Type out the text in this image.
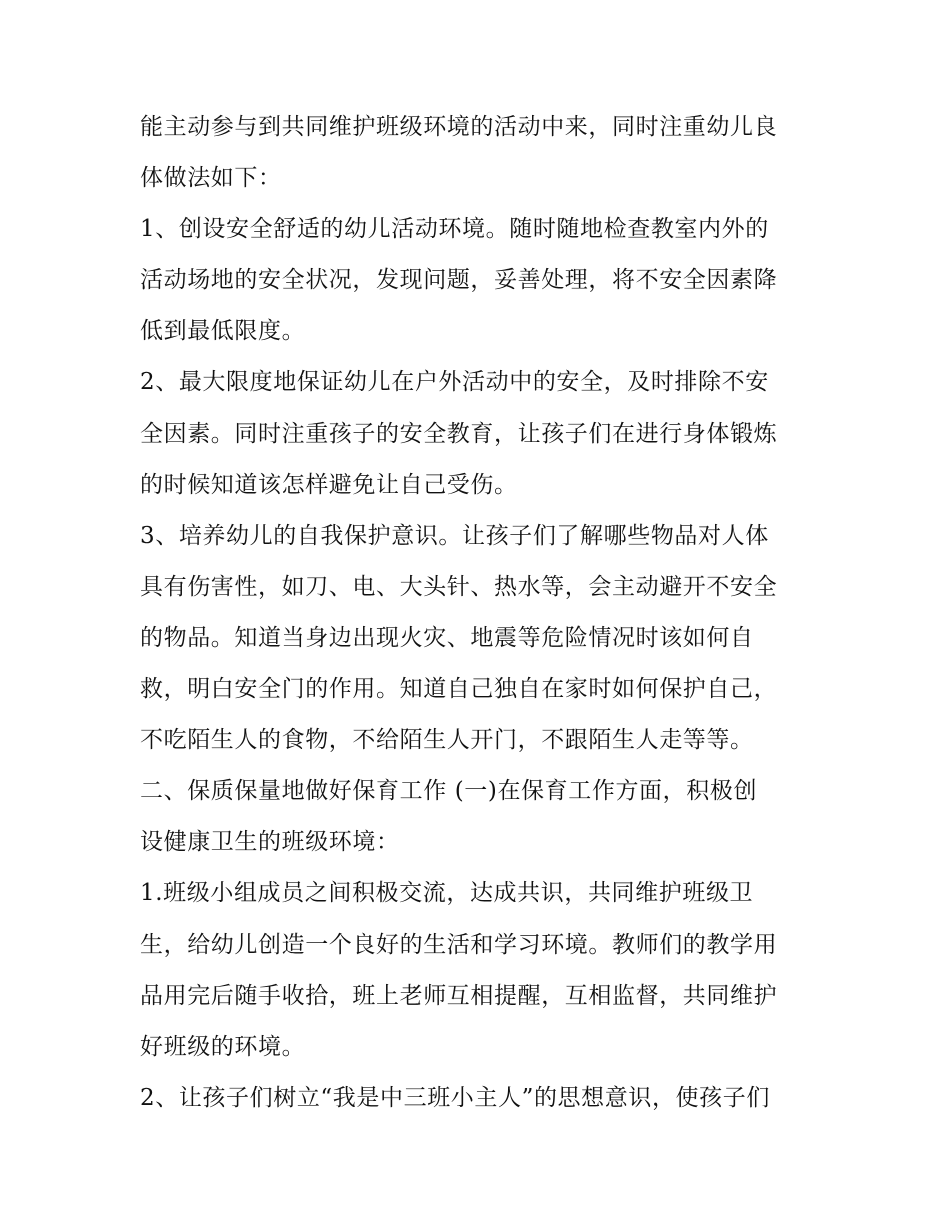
能主动参与到共同维护班级环境的活动中来，同时注重幼儿良
体做法如下：
1、创设安全舒适的幼儿活动环境。随时随地检查教室内外的
活动场地的安全状况，发现问题，妥善处理，将不安全因素降
低到最低限度。
2、最大限度地保证幼儿在户外活动中的安全，及时排除不安
全因素。同时注重孩子的安全教育，让孩子们在进行身体锻炼
的时候知道该怎样避免让自己受伤。
3、培养幼儿的自我保护意识。让孩子们了解哪些物品对人体
具有伤害性，如刀、电、大头针、热水等，会主动避开不安全
的物品。知道当身边出现火灾、地震等危险情况时该如何自
救，明白安全门的作用。知道自己独自在家时如何保护自己，
不吃陌生人的食物，不给陌生人开门，不跟陌生人走等等。
二、保质保量地做好保育工作 (一)在保育工作方面，积极创
设健康卫生的班级环境：
1.班级小组成员之间积极交流，达成共识，共同维护班级卫
生，给幼儿创造一个良好的生活和学习环境。教师们的教学用
品用完后随手收拾，班上老师互相提醒，互相监督，共同维护
好班级的环境。
2、让孩子们树立“我是中三班小主人”的思想意识，使孩子们
